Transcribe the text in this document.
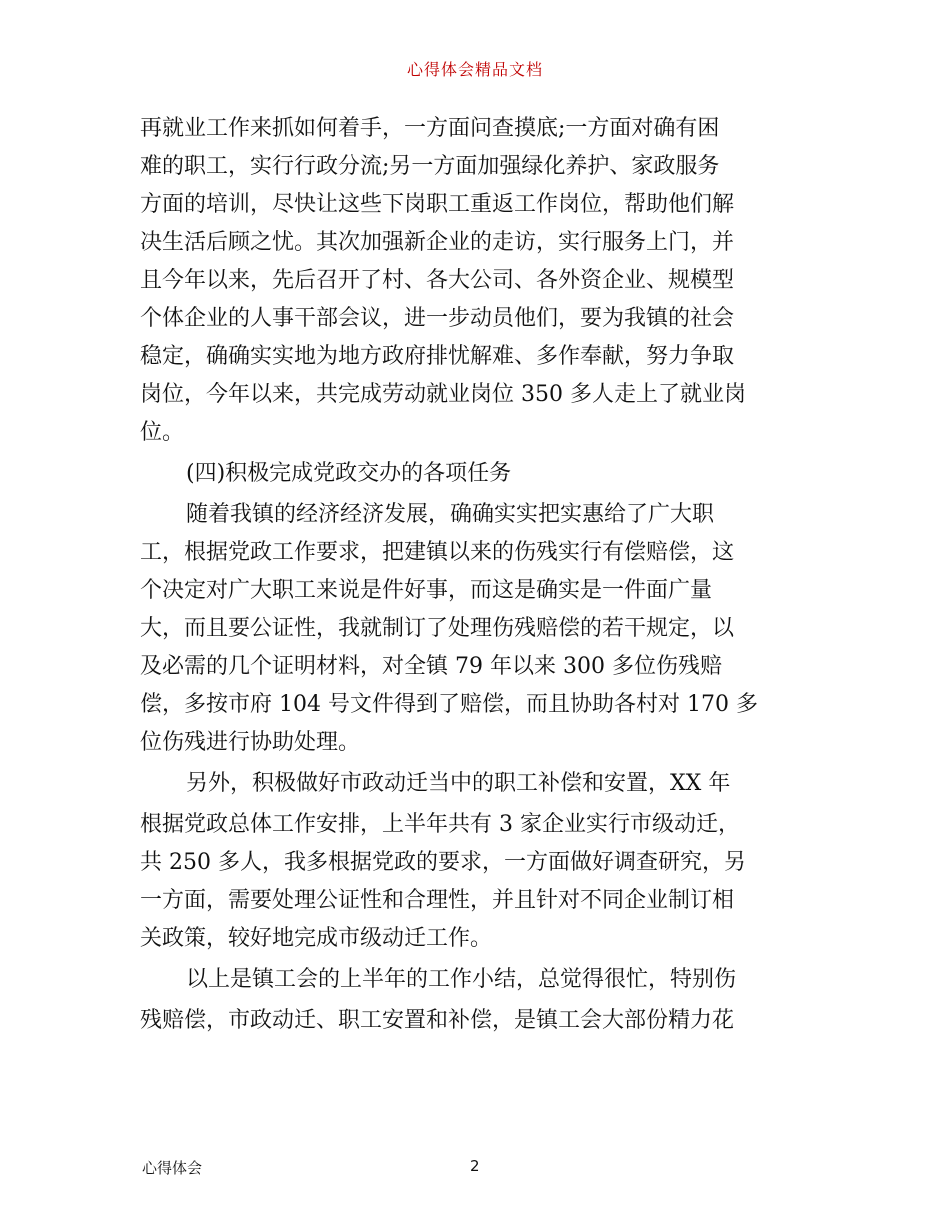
心得体会精品文档
再就业工作来抓如何着手，一方面问查摸底;一方面对确有困
难的职工，实行行政分流;另一方面加强绿化养护、家政服务
方面的培训，尽快让这些下岗职工重返工作岗位，帮助他们解
决生活后顾之忧。其次加强新企业的走访，实行服务上门，并
且今年以来，先后召开了村、各大公司、各外资企业、规模型
个体企业的人事干部会议，进一步动员他们，要为我镇的社会
稳定，确确实实地为地方政府排忧解难、多作奉献，努力争取
岗位，今年以来，共完成劳动就业岗位 350 多人走上了就业岗
位。
(四)积极完成党政交办的各项任务
随着我镇的经济经济发展，确确实实把实惠给了广大职
工，根据党政工作要求，把建镇以来的伤残实行有偿赔偿，这
个决定对广大职工来说是件好事，而这是确实是一件面广量
大，而且要公证性，我就制订了处理伤残赔偿的若干规定，以
及必需的几个证明材料，对全镇 79 年以来 300 多位伤残赔
偿，多按市府 104 号文件得到了赔偿，而且协助各村对 170 多
位伤残进行协助处理。
另外，积极做好市政动迁当中的职工补偿和安置，XX 年
根据党政总体工作安排，上半年共有 3 家企业实行市级动迁，
共 250 多人，我多根据党政的要求，一方面做好调查研究，另
一方面，需要处理公证性和合理性，并且针对不同企业制订相
关政策，较好地完成市级动迁工作。
以上是镇工会的上半年的工作小结，总觉得很忙，特别伤
残赔偿，市政动迁、职工安置和补偿，是镇工会大部份精力花
心得体会	2
